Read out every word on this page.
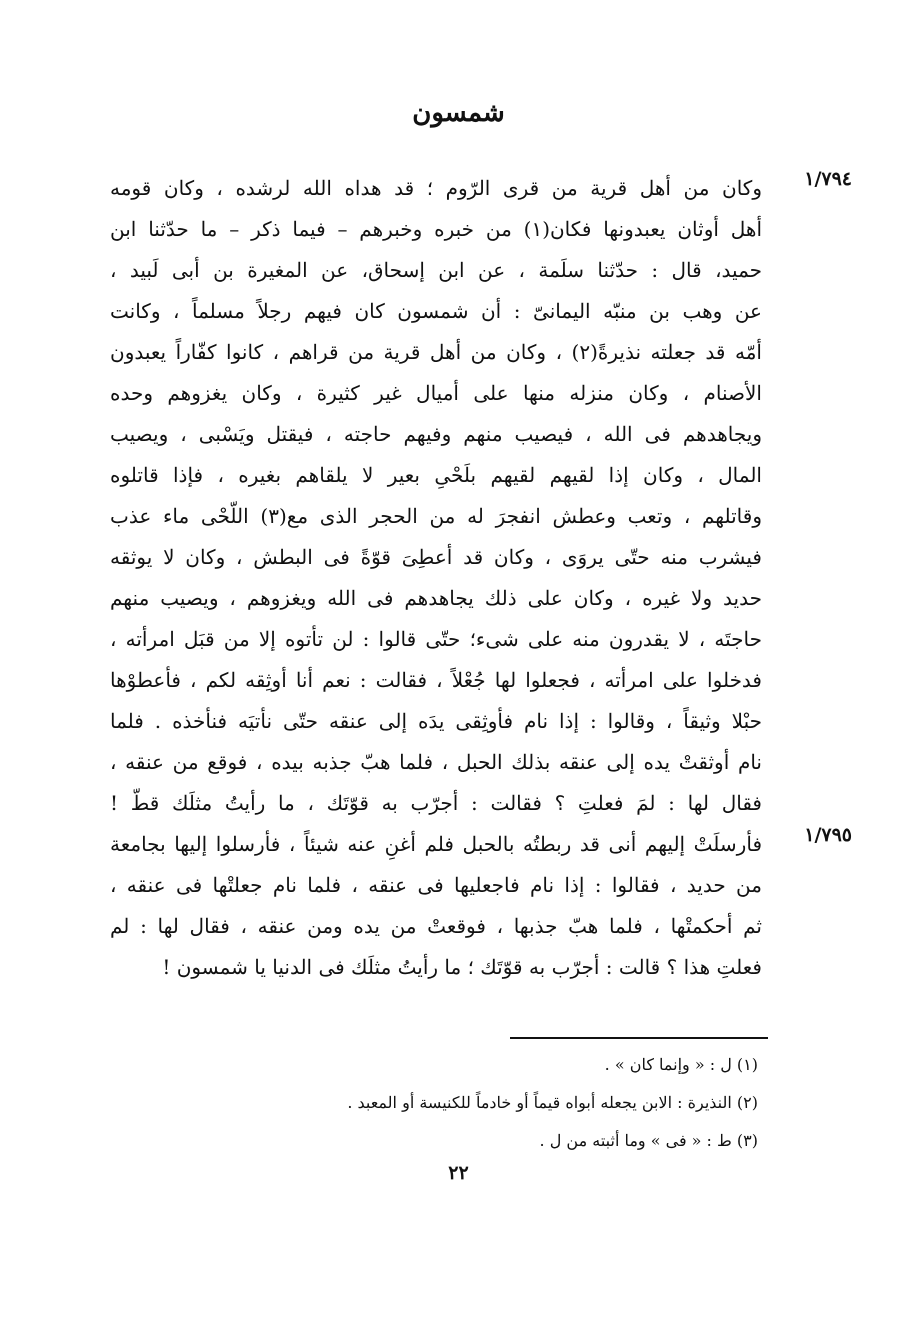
شمسون
١/٧٩٤
١/٧٩٥
وكان من أهل قرية من قرى الرّوم ؛ قد هداه الله لرشده ، وكان قومه
أهل أوثان يعبدونها فكان(١) من خبره وخبرهم – فيما ذكر – ما حدّثنا ابن
حميد، قال : حدّثنا سلَمة ، عن ابن إسحاق، عن المغيرة بن أبى لَبيد ،
عن وهب بن منبّه اليمانىّ : أن شمسون كان فيهم رجلاً مسلماً ، وكانت
أمّه قد جعلته نذيرةً(٢) ، وكان من أهل قرية من قراهم ، كانوا كفّاراً يعبدون
الأصنام ، وكان منزله منها على أميال غير كثيرة ، وكان يغزوهم وحده
ويجاهدهم فى الله ، فيصيب منهم وفيهم حاجته ، فيقتل ويَسْبى ، ويصيب
المال ، وكان إذا لقيهم لقيهم بلَحْىِ بعير لا يلقاهم بغيره ، فإذا قاتلوه
وقاتلهم ، وتعب وعطش انفجرَ له من الحجر الذى مع(٣) اللّحْى ماء عذب
فيشرب منه حتّى يروَى ، وكان قد أعطِىَ قوّةً فى البطش ، وكان لا يوثقه
حديد ولا غيره ، وكان على ذلك يجاهدهم فى الله ويغزوهم ، ويصيب منهم
حاجتَه ، لا يقدرون منه على شىء؛ حتّى قالوا : لن تأتوه إلا من قبَل امرأته ،
فدخلوا على امرأته ، فجعلوا لها جُعْلاً ، فقالت : نعم أنا أوثِقه لكم ، فأعطوْها
حبْلا وثيقاً ، وقالوا : إذا نام فأوثِقى يدَه إلى عنقه حتّى نأتيَه فنأخذه . فلما
نام أوثقتْ يده إلى عنقه بذلك الحبل ، فلما هبّ جذبه بيده ، فوقع من عنقه ،
فقال لها : لمَ فعلتِ ؟ فقالت : أجرّب به قوّتَك ، ما رأيتُ مثلَك قطّ !
فأرسلَتْ إليهم أنى قد ربطتُه بالحبل فلم أغنِ عنه شيئاً ، فأرسلوا إليها بجامعة
من حديد ، فقالوا : إذا نام فاجعليها فى عنقه ، فلما نام جعلتْها فى عنقه ،
ثم أحكمتْها ، فلما هبّ جذبها ، فوقعتْ من يده ومن عنقه ، فقال لها : لم
فعلتِ هذا ؟ قالت : أجرّب به قوّتَك ؛ ما رأيتُ مثلَك فى الدنيا يا شمسون !
(١) ل : « وإنما كان » .
(٢) النذيرة : الابن يجعله أبواه قيماً أو خادماً للكنيسة أو المعبد .
(٣) ط : « فى » وما أثبته من ل .
٢٢
